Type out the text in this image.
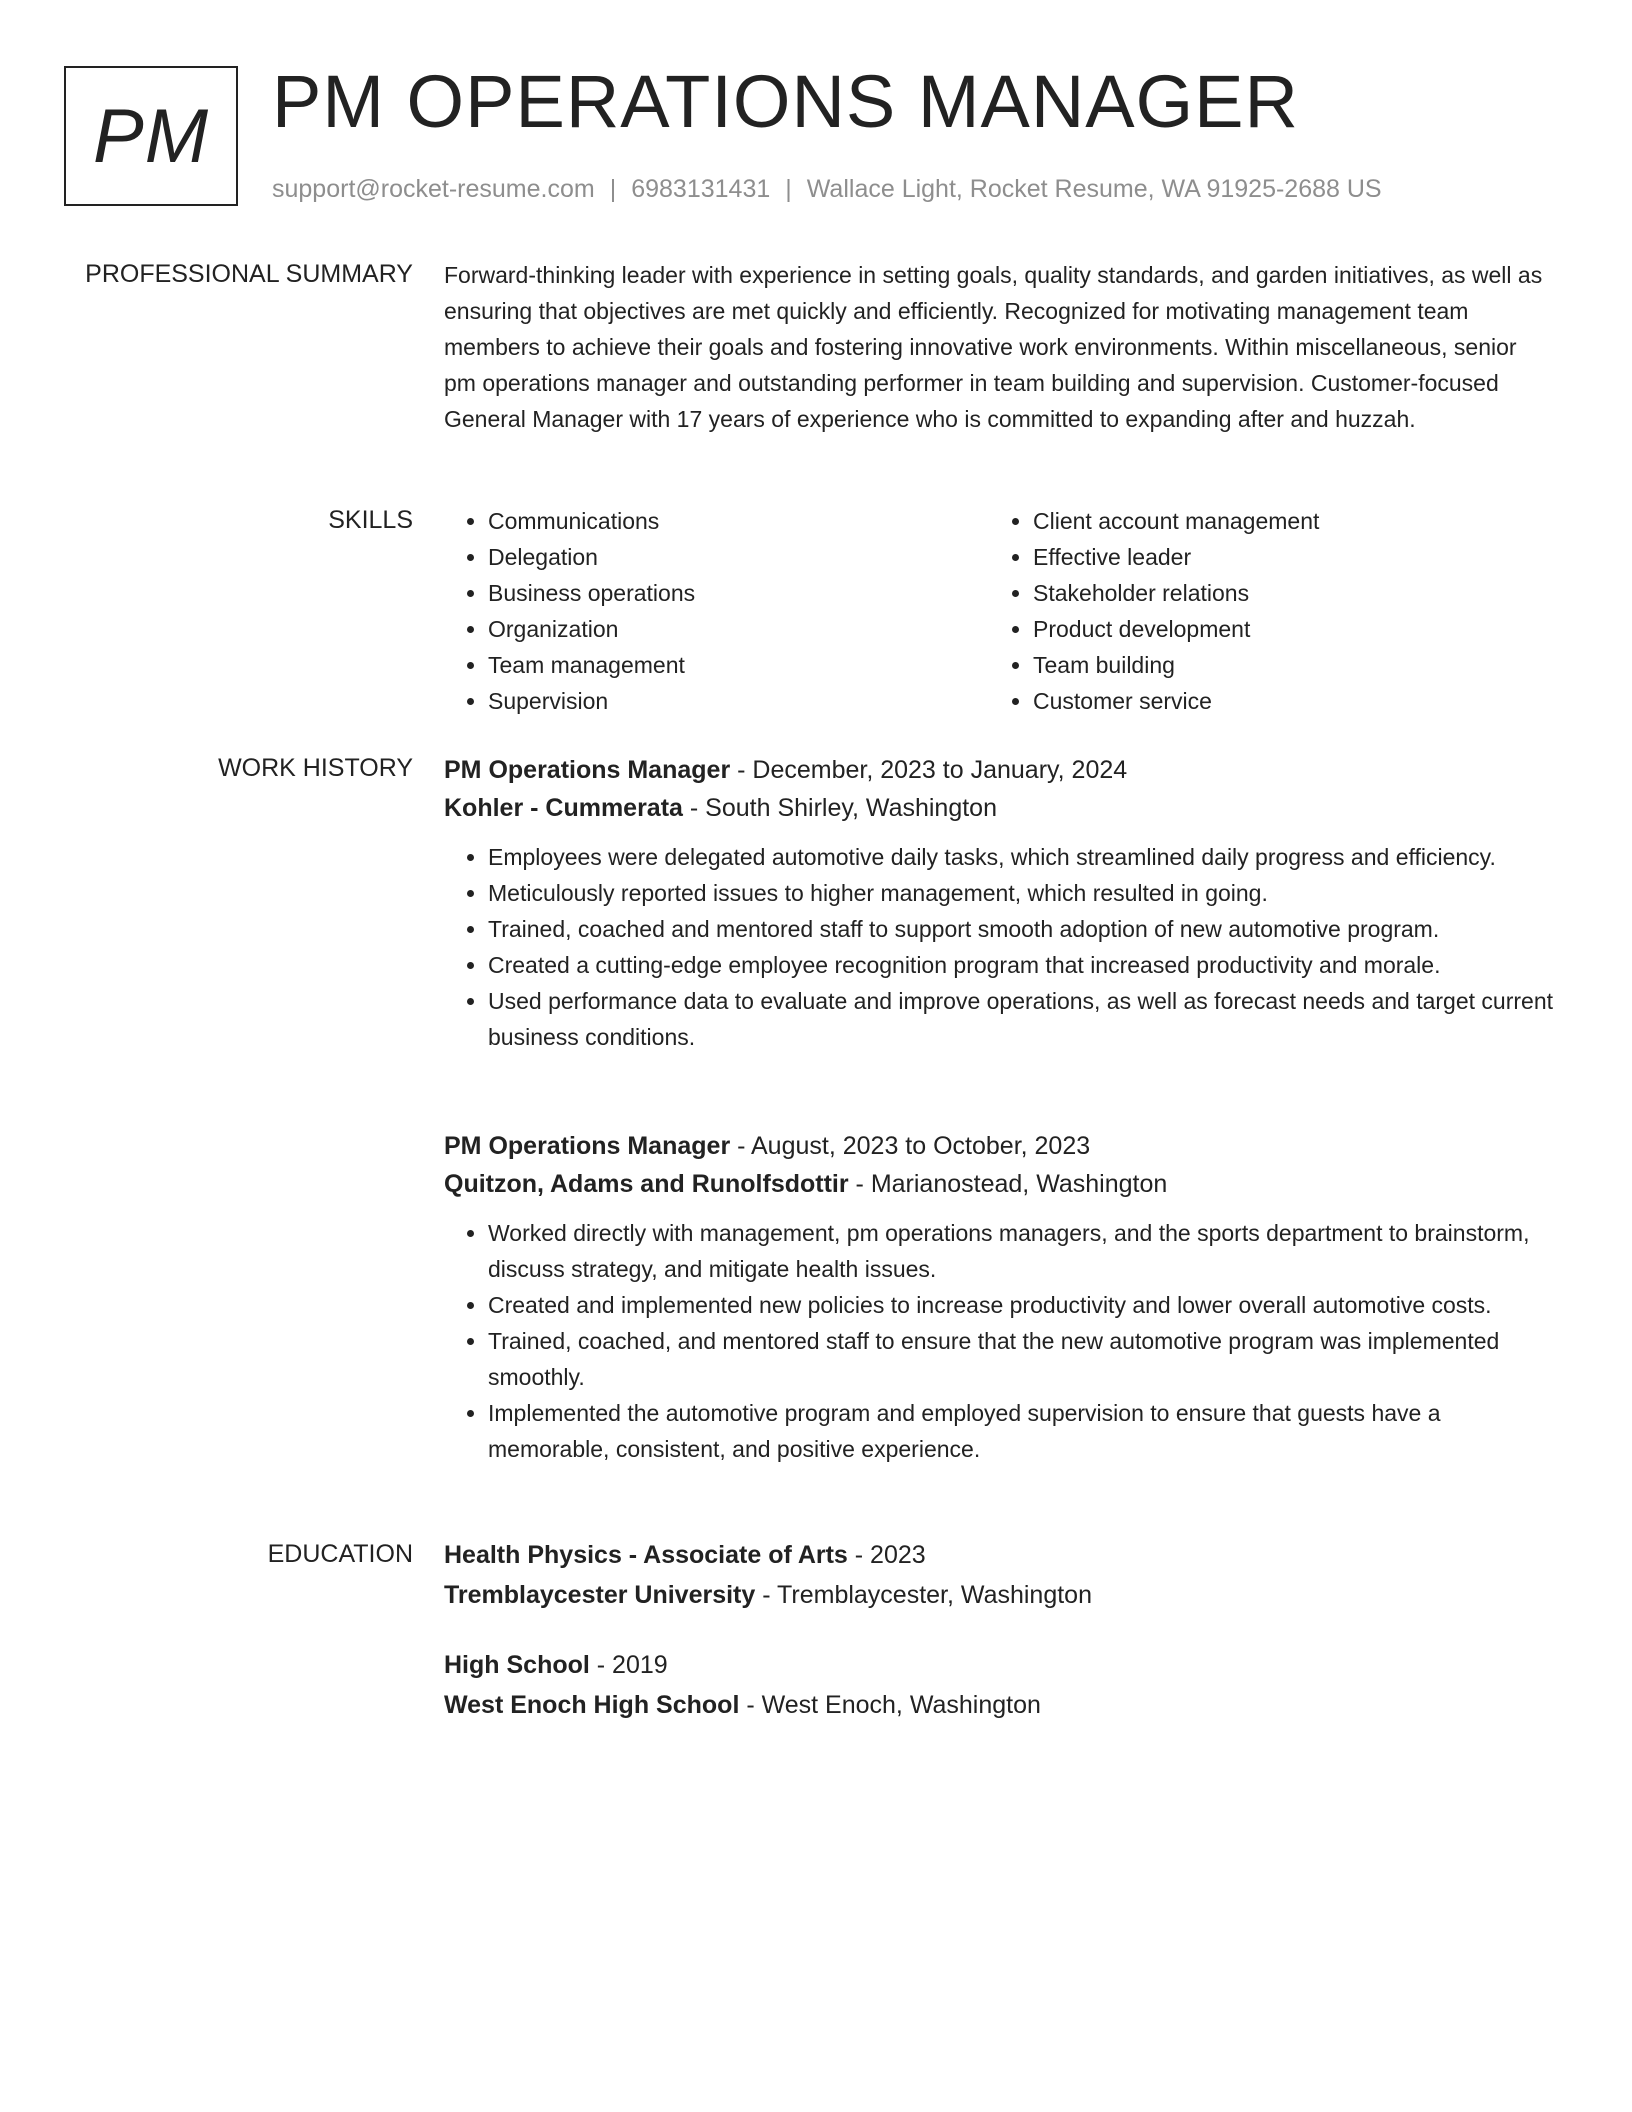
PM PM OPERATIONS MANAGER
support@rocket-resume.com | 6983131431 | Wallace Light, Rocket Resume, WA 91925-2688 US
PROFESSIONAL SUMMARY Forward-thinking leader with experience in setting goals, quality standards, and garden initiatives, as well as ensuring that objectives are met quickly and efficiently. Recognized for motivating management team members to achieve their goals and fostering innovative work environments. Within miscellaneous, senior pm operations manager and outstanding performer in team building and supervision. Customer-focused General Manager with 17 years of experience who is committed to expanding after and huzzah.

SKILLS
•	Communications
• Delegation
• Business operations
• Organization
• Team management
• Supervision
• Client account management
• Effective leader
• Stakeholder relations
• Product development
• Team building
• Customer service
WORK HISTORY PM Operations Manager - December, 2023 to January, 2024
Kohler - Cummerata - South Shirley, Washington
• Employees were delegated automotive daily tasks, which streamlined daily progress and efficiency.
• Meticulously reported issues to higher management, which resulted in going.
• Trained, coached and mentored staff to support smooth adoption of new automotive program.
• Created a cutting-edge employee recognition program that increased productivity and morale.
• Used performance data to evaluate and improve operations, as well as forecast needs and target current business conditions.
PM Operations Manager - August, 2023 to October, 2023
Quitzon, Adams and Runolfsdottir - Marianostead, Washington
• Worked directly with management, pm operations managers, and the sports department to brainstorm, discuss strategy, and mitigate health issues.
• Created and implemented new policies to increase productivity and lower overall automotive costs.
• Trained, coached, and mentored staff to ensure that the new automotive program was implemented smoothly.
• Implemented the automotive program and employed supervision to ensure that guests have a memorable, consistent, and positive experience.
EDUCATION Health Physics - Associate of Arts - 2023
Tremblaycester University - Tremblaycester, Washington
High School - 2019
West Enoch High School - West Enoch, Washington
